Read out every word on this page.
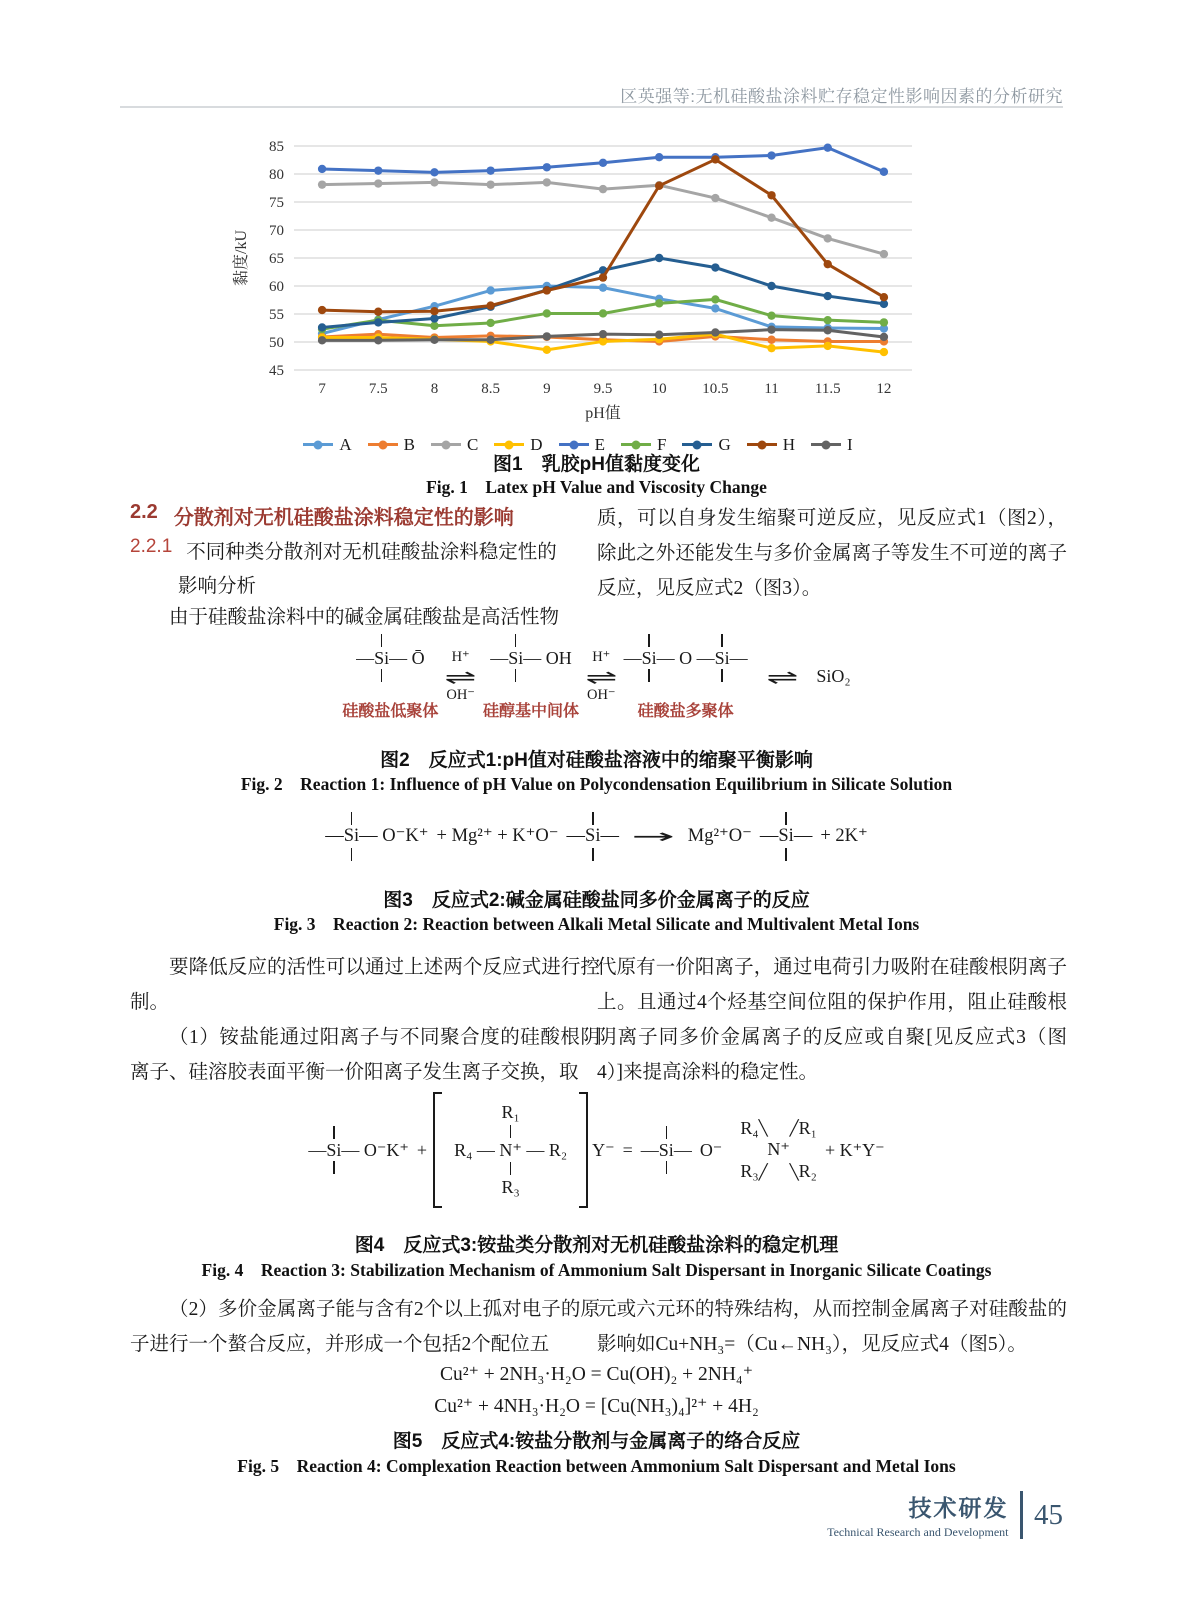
区英强等:无机硅酸盐涂料贮存稳定性影响因素的分析研究
45
50
55
60
65
70
75
80
85
7	7.5	8	8.5	9	9.5	10 10.5 11 11.5 12
pH值
黏度/kU
A	B	C	D	E	F	G	H	I
图1　乳胶pH值黏度变化
Fig. 1　Latex pH Value and Viscosity Change
2.2 分散剂对无机硅酸盐涂料稳定性的影响
2.2.1 不同种类分散剂对无机硅酸盐涂料稳定性的
影响分析

由于硅酸盐涂料中的碱金属硅酸盐是高活性物

质，可以自身发生缩聚可逆反应，见反应式1（图2），除此之外还能发生与多价金属离子等发生不可逆的离子反应，见反应式2（图3）。

— Si — Ō
硅酸盐低聚体
H⁺
⇌
OH⁻
— Si — OH
硅醇基中间体
H⁺
⇌
OH⁻
— Si — O — Si —
硅酸盐多聚体
⇌ SiO₂
图2　反应式1:pH值对硅酸盐溶液中的缩聚平衡影响
Fig. 2　Reaction 1: Influence of pH Value on Polycondensation Equilibrium in Silicate Solution
— Si — O⁻K⁺ + Mg²⁺ + K⁺O⁻ — Si — → Mg²⁺O⁻ — Si — + 2K⁺
图3　反应式2:碱金属硅酸盐同多价金属离子的反应
Fig. 3　Reaction 2: Reaction between Alkali Metal Silicate and Multivalent Metal Ions

要降低反应的活性可以通过上述两个反应式进行控制。

（1）铵盐能通过阳离子与不同聚合度的硅酸根阴离子、硅溶胶表面平衡一价阳离子发生离子交换，取

代原有一价阳离子，通过电荷引力吸附在硅酸根阴离子上。且通过4个烃基空间位阻的保护作用，阻止硅酸根阴离子同多价金属离子的反应或自聚[见反应式3（图4）]来提高涂料的稳定性。

— Si — O⁻K⁺ +
R₁
R₄ — N⁺ — R₂
R₃
Y⁻ = — Si — O⁻
R₄ ╲ ╱ R₁
N⁺
R₃ ╱ ╲ R₂
+ K⁺Y⁻
图4　反应式3:铵盐类分散剂对无机硅酸盐涂料的稳定机理
Fig. 4　Reaction 3: Stabilization Mechanism of Ammonium Salt Dispersant in Inorganic Silicate Coatings

（2）多价金属离子能与含有2个以上孤对电子的原子进行一个螯合反应，并形成一个包括2个配位五

元或六元环的特殊结构，从而控制金属离子对硅酸盐的影响如Cu+NH₃=（Cu←NH₃），见反应式4（图5）。

Cu²⁺ + 2NH₃·H₂O = Cu(OH)₂ + 2NH₄⁺
Cu²⁺ + 4NH₃·H₂O = [Cu(NH₃)₄]²⁺ + 4H₂
图5　反应式4:铵盐分散剂与金属离子的络合反应
Fig. 5　Reaction 4: Complexation Reaction between Ammonium Salt Dispersant and Metal Ions
技术研发
Technical Research and Development
45
